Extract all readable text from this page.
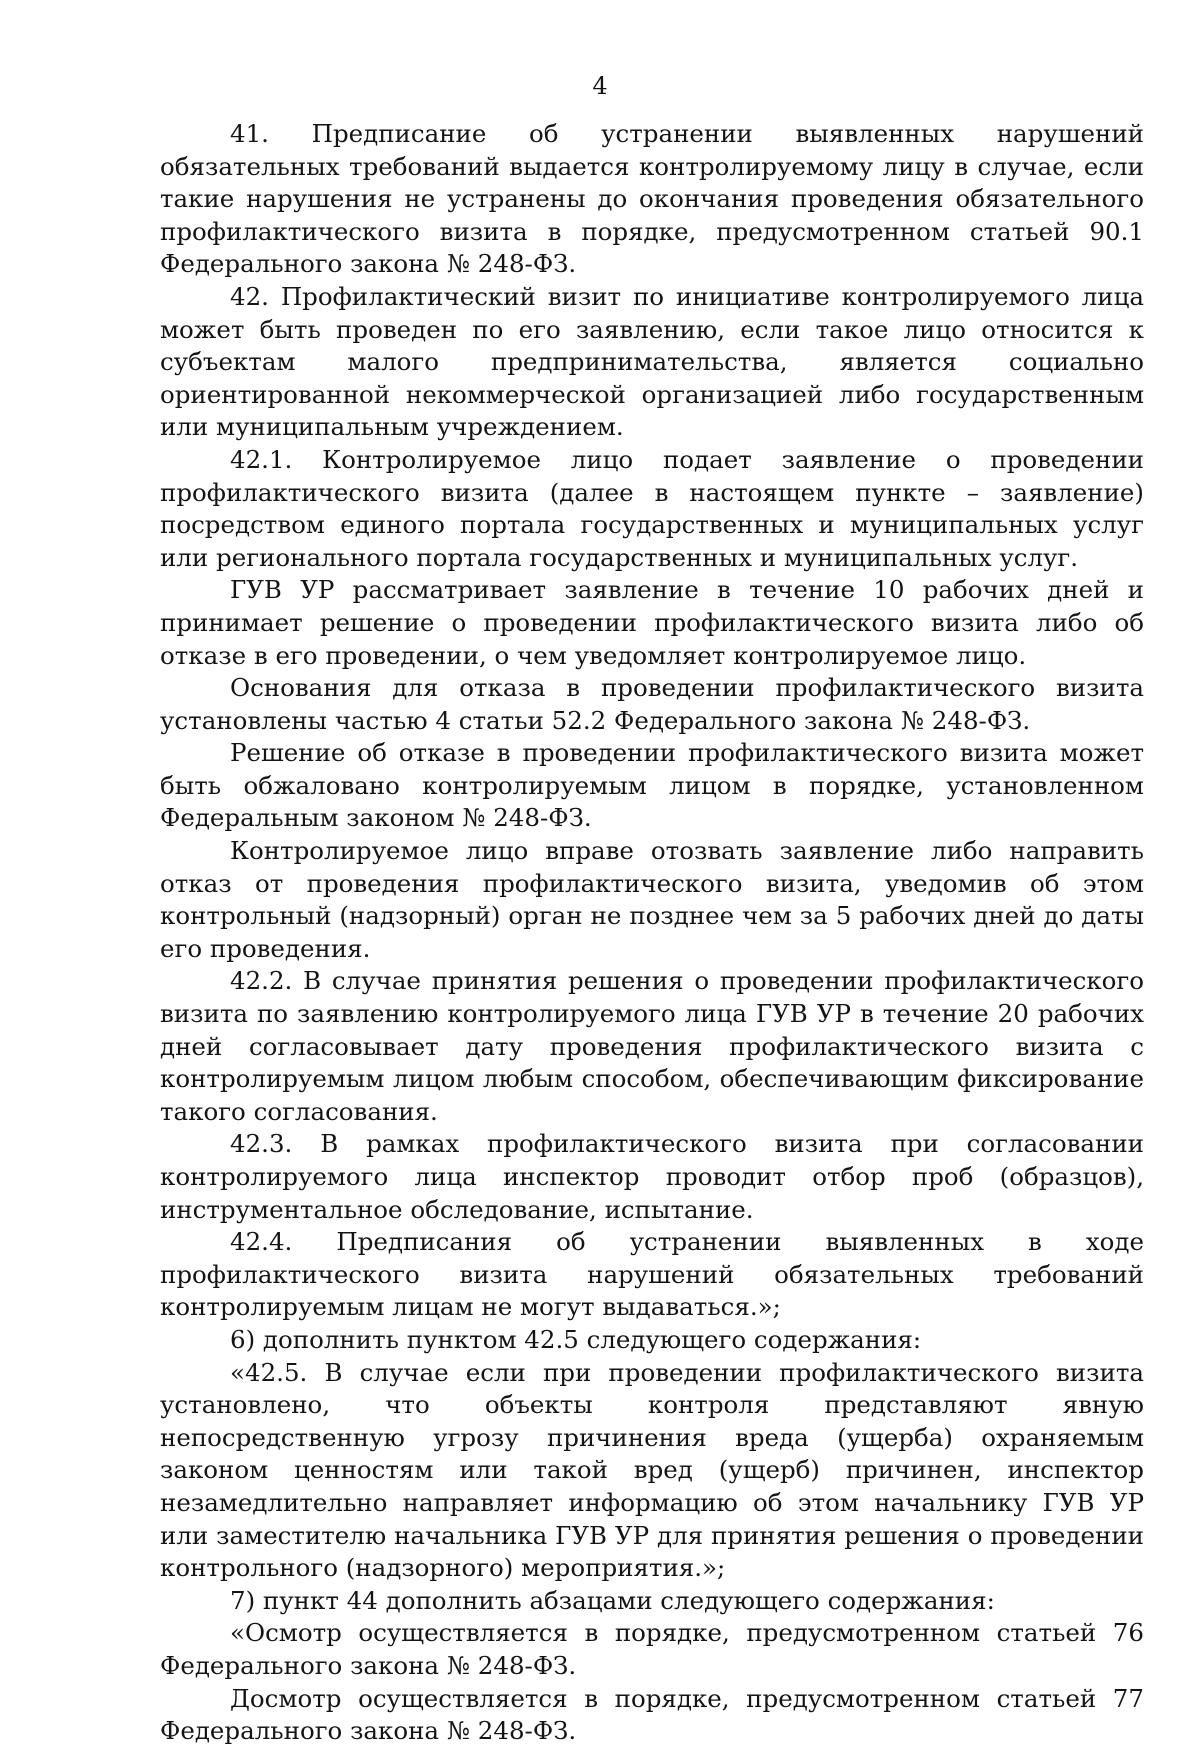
4

41. Предписание об устранении выявленных нарушений обязательных требований выдается контролируемому лицу в случае, если такие нарушения не устранены до окончания проведения обязательного профилактического визита в порядке, предусмотренном статьей 90.1 Федерального закона № 248-ФЗ.

42. Профилактический визит по инициативе контролируемого лица может быть проведен по его заявлению, если такое лицо относится к субъектам малого предпринимательства, является социально ориентированной некоммерческой организацией либо государственным или муниципальным учреждением.

42.1. Контролируемое лицо подает заявление о проведении профилактического визита (далее в настоящем пункте – заявление) посредством единого портала государственных и муниципальных услуг или регионального портала государственных и муниципальных услуг.

ГУВ УР рассматривает заявление в течение 10 рабочих дней и принимает решение о проведении профилактического визита либо об отказе в его проведении, о чем уведомляет контролируемое лицо.

Основания для отказа в проведении профилактического визита установлены частью 4 статьи 52.2 Федерального закона № 248-ФЗ.

Решение об отказе в проведении профилактического визита может быть обжаловано контролируемым лицом в порядке, установленном Федеральным законом № 248-ФЗ.

Контролируемое лицо вправе отозвать заявление либо направить отказ от проведения профилактического визита, уведомив об этом контрольный (надзорный) орган не позднее чем за 5 рабочих дней до даты его проведения.

42.2. В случае принятия решения о проведении профилактического визита по заявлению контролируемого лица ГУВ УР в течение 20 рабочих дней согласовывает дату проведения профилактического визита с контролируемым лицом любым способом, обеспечивающим фиксирование такого согласования.

42.3. В рамках профилактического визита при согласовании контролируемого лица инспектор проводит отбор проб (образцов), инструментальное обследование, испытание.

42.4. Предписания об устранении выявленных в ходе профилактического визита нарушений обязательных требований контролируемым лицам не могут выдаваться.»;

6) дополнить пунктом 42.5 следующего содержания:

«42.5. В случае если при проведении профилактического визита установлено, что объекты контроля представляют явную непосредственную угрозу причинения вреда (ущерба) охраняемым законом ценностям или такой вред (ущерб) причинен, инспектор незамедлительно направляет информацию об этом начальнику ГУВ УР или заместителю начальника ГУВ УР для принятия решения о проведении контрольного (надзорного) мероприятия.»;

7) пункт 44 дополнить абзацами следующего содержания:

«Осмотр осуществляется в порядке, предусмотренном статьей 76 Федерального закона № 248-ФЗ.

Досмотр осуществляется в порядке, предусмотренном статьей 77 Федерального закона № 248-ФЗ.
